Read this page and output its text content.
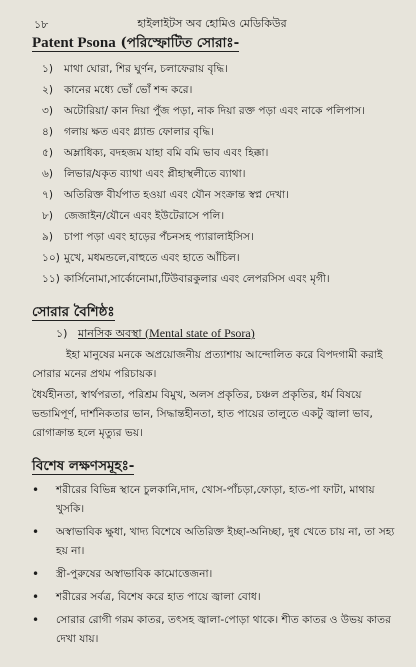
১৮	হাইলাইটস অব হোমিও মেডিকিউর
Patent Psona (পরিস্ফোটিত সোরাঃ-
১)	মাথা ঘোরা, শির ঘুর্ণন, চলাফেরায় বৃদ্ধি।
২)	কানের মধ্যে ভোঁ ভোঁ শব্দ করে।
৩)	অটোরিয়া/ কান দিয়া পুঁজ পড়া, নাক দিয়া রক্ত পড়া এবং নাকে পলিপাস।
৪)	গলায় ক্ষত এবং গ্ল্যান্ড ফোলার বৃদ্ধি।
৫)	অম্লাধিক্য, বদহজম যাহা বমি বমি ভাব এবং হিক্কা।
৬)	লিভার/যকৃত ব্যাথা এবং প্লীহাস্থলীতে ব্যাথা।
৭)	অতিরিক্ত বীর্যপাত হওয়া এবং যৌন সংক্রান্ত স্বপ্ন দেখা।
৮)	জেজাইন/যৌনে এবং ইউটেরাসে পলি।
৯)	চাপা পড়া এবং হাড়ের পঁচনসহ প্যারালাইসিস।
১০) মুখে, মধমন্ডলে,বাহুতে এবং হাতে আঁচিল।
১১) কার্সিনোমা,সার্কোনোমা,টিউবারকুলার এবং লেপরসিস এবং মৃগী।
সোরার বৈশিষ্ঠঃ
১) মানসিক অবস্থা (Mental state of Psora)

ইহা মানুষের মনকে অপ্রয়োজনীয় প্রত্যাশায় আন্দোলিত করে বিপদগামী করাই সোরার মনের প্রথম পরিচায়ক।

ধৈর্যহীনতা, স্বার্থপরতা, পরিশ্রম বিমুখ, অলস প্রকৃতির, চঞ্চল প্রকৃতির, ধর্ম বিষয়ে ভন্ডামিপূর্ণ, দার্শনিকতার ভান, সিদ্ধান্তহীনতা, হাত পায়ের তালুতে একটু জ্বালা ভাব, রোগাক্রান্ত হলে মৃত্যুর ভয়।

বিশেষ লক্ষণসমূহঃ-
•	শরীরের বিভিন্ন স্থানে চুলকানি,দাদ, খোস-পাঁচড়া,ফোড়া, হাত-পা ফাটা, মাথায় খুসকি।
•	অস্বাভাবিক ক্ষুধা, খাদ্য বিশেষে অতিরিক্ত ইচ্ছা-অনিচ্ছা, দুধ খেতে চায় না, তা সহ্য হয় না।
•	স্ত্রী-পুরুষের অস্বাভাবিক কামোত্তেজনা।
•	শরীরের সর্বত্র, বিশেষ করে হাত পায়ে জ্বালা বোধ।
•	সোরার রোগী গরম কাতর, তৎসহ জ্বালা-পোড়া থাকে। শীত কাতর ও উভয় কাতর দেখা যায়।
